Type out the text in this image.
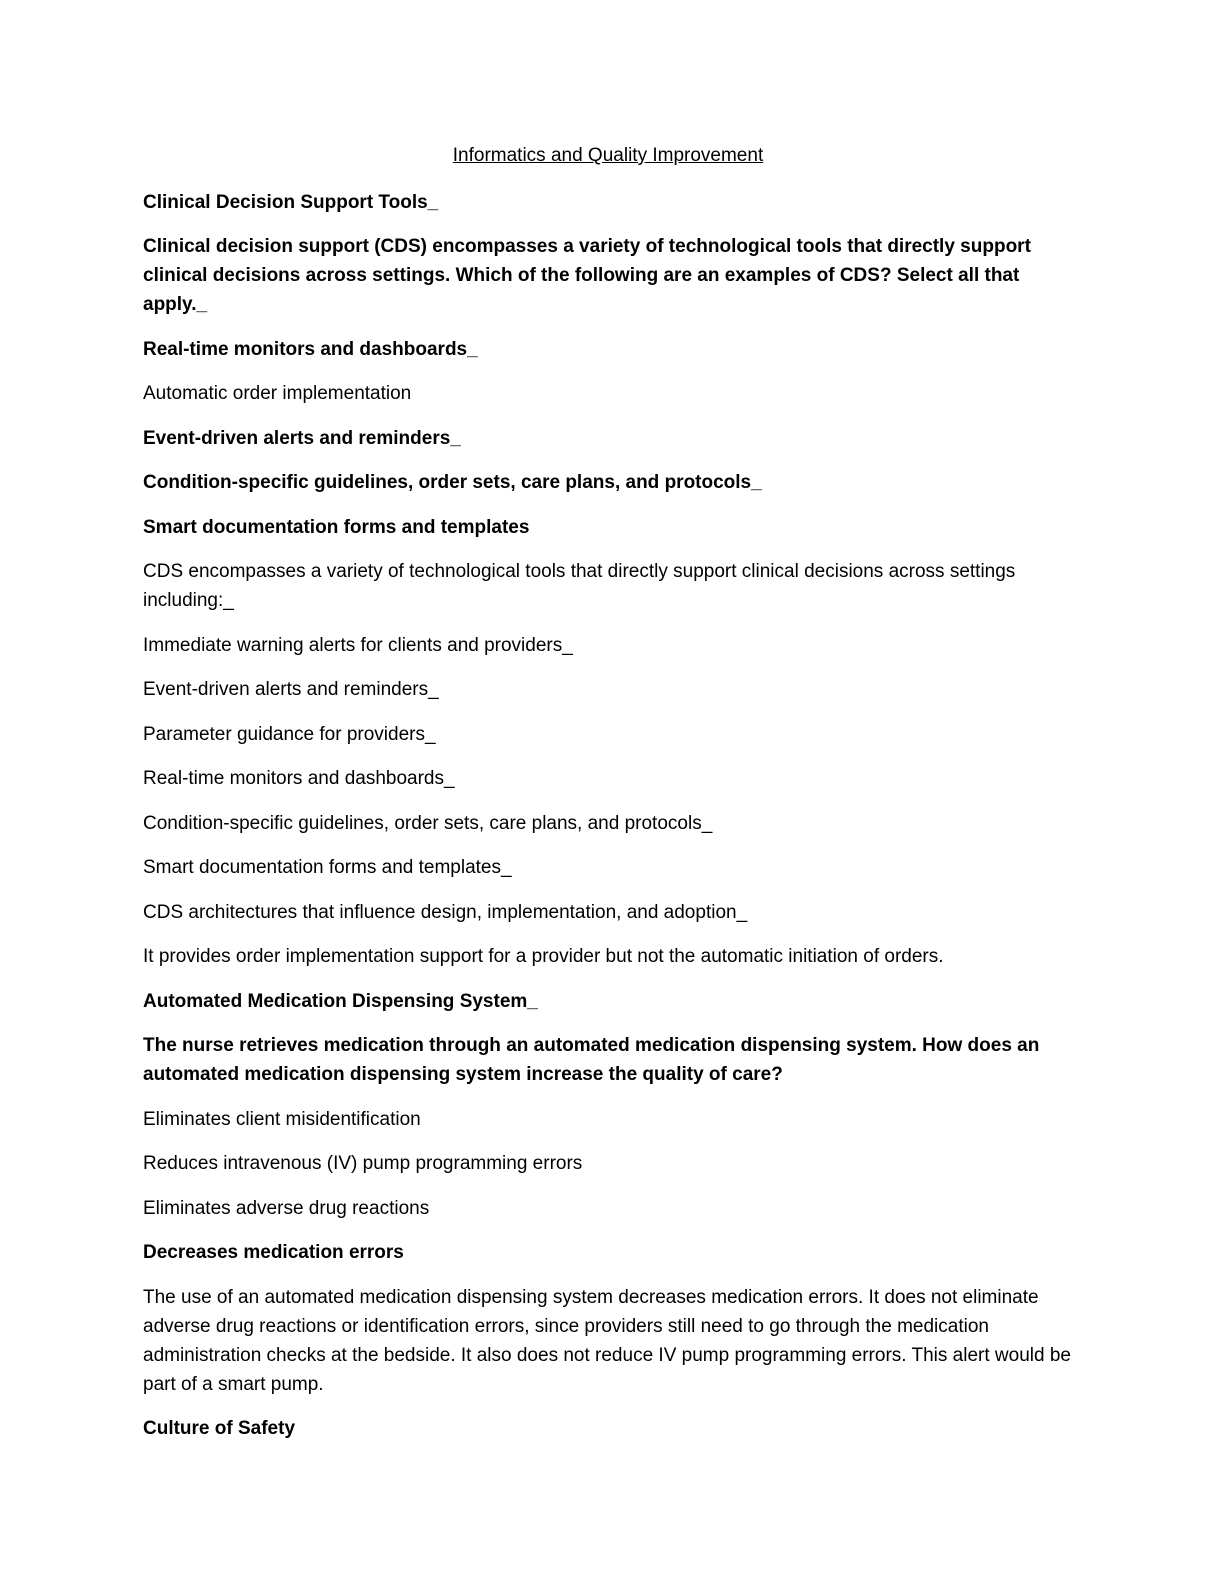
Informatics and Quality Improvement

Clinical Decision Support Tools_

Clinical decision support (CDS) encompasses a variety of technological tools that directly support clinical decisions across settings. Which of the following are an examples of CDS? Select all that apply._

Real-time monitors and dashboards_

Automatic order implementation

Event-driven alerts and reminders_

Condition-specific guidelines, order sets, care plans, and protocols_

Smart documentation forms and templates

CDS encompasses a variety of technological tools that directly support clinical decisions across settings including:_

Immediate warning alerts for clients and providers_

Event-driven alerts and reminders_

Parameter guidance for providers_

Real-time monitors and dashboards_

Condition-specific guidelines, order sets, care plans, and protocols_

Smart documentation forms and templates_

CDS architectures that influence design, implementation, and adoption_

It provides order implementation support for a provider but not the automatic initiation of orders.

Automated Medication Dispensing System_

The nurse retrieves medication through an automated medication dispensing system. How does an automated medication dispensing system increase the quality of care?

Eliminates client misidentification

Reduces intravenous (IV) pump programming errors

Eliminates adverse drug reactions

Decreases medication errors

The use of an automated medication dispensing system decreases medication errors. It does not eliminate adverse drug reactions or identification errors, since providers still need to go through the medication administration checks at the bedside. It also does not reduce IV pump programming errors. This alert would be part of a smart pump.

Culture of Safety
